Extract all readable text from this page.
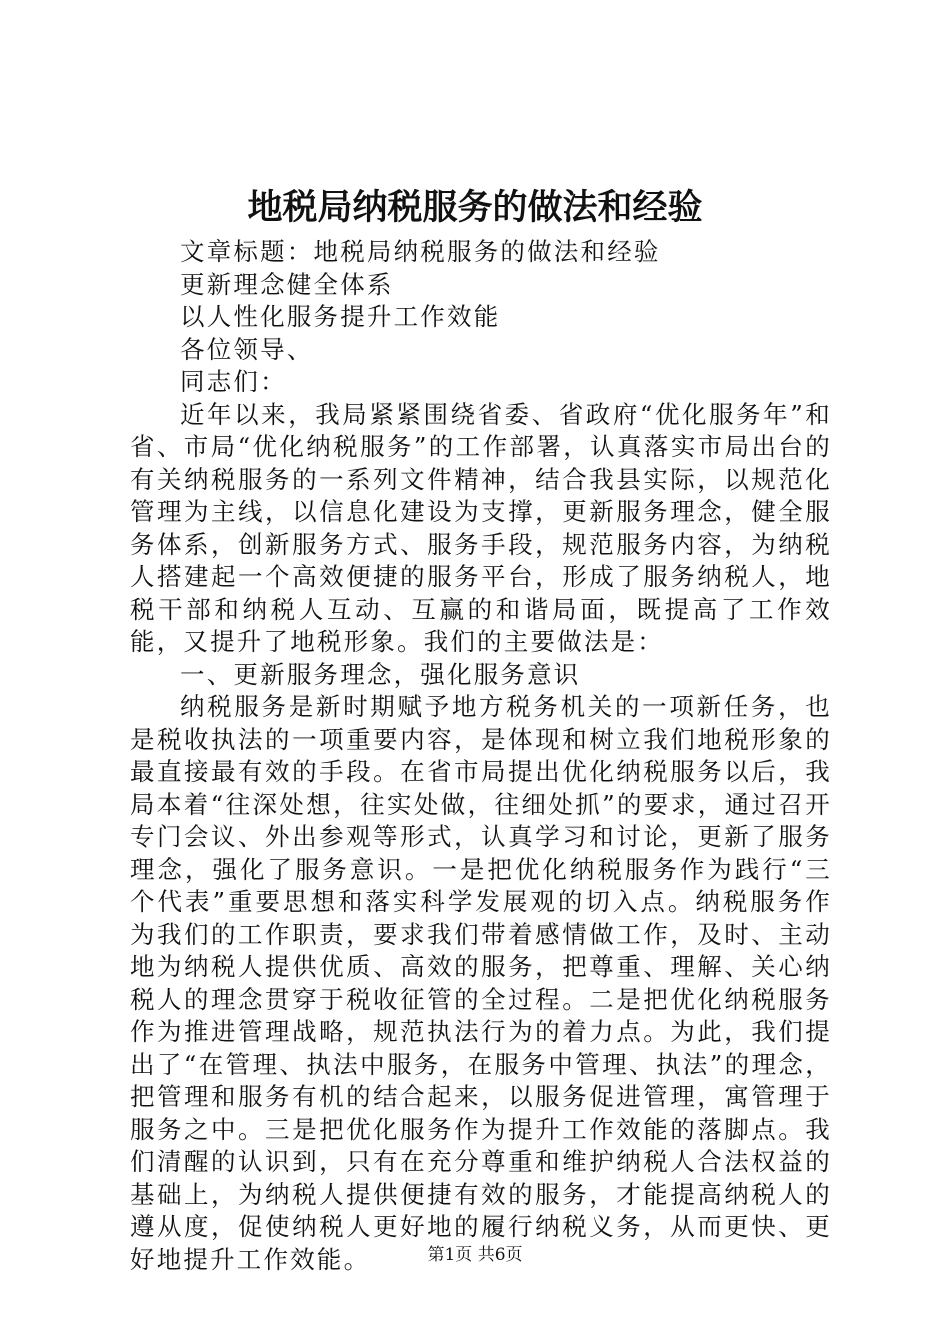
地税局纳税服务的做法和经验

文章标题：地税局纳税服务的做法和经验

更新理念健全体系

以人性化服务提升工作效能

各位领导、

同志们：

近年以来，我局紧紧围绕省委、省政府“优化服务年”和省、市局“优化纳税服务”的工作部署，认真落实市局出台的有关纳税服务的一系列文件精神，结合我县实际，以规范化管理为主线，以信息化建设为支撑，更新服务理念，健全服务体系，创新服务方式、服务手段，规范服务内容，为纳税人搭建起一个高效便捷的服务平台，形成了服务纳税人，地税干部和纳税人互动、互赢的和谐局面，既提高了工作效能，又提升了地税形象。我们的主要做法是：

一、更新服务理念，强化服务意识

纳税服务是新时期赋予地方税务机关的一项新任务，也是税收执法的一项重要内容，是体现和树立我们地税形象的最直接最有效的手段。在省市局提出优化纳税服务以后，我局本着“往深处想，往实处做，往细处抓”的要求，通过召开专门会议、外出参观等形式，认真学习和讨论，更新了服务理念，强化了服务意识。一是把优化纳税服务作为践行“三个代表”重要思想和落实科学发展观的切入点。纳税服务作为我们的工作职责，要求我们带着感情做工作，及时、主动地为纳税人提供优质、高效的服务，把尊重、理解、关心纳税人的理念贯穿于税收征管的全过程。二是把优化纳税服务作为推进管理战略，规范执法行为的着力点。为此，我们提出了“在管理、执法中服务，在服务中管理、执法”的理念，把管理和服务有机的结合起来，以服务促进管理，寓管理于服务之中。三是把优化服务作为提升工作效能的落脚点。我们清醒的认识到，只有在充分尊重和维护纳税人合法权益的基础上，为纳税人提供便捷有效的服务，才能提高纳税人的遵从度，促使纳税人更好地的履行纳税义务，从而更快、更好地提升工作效能。	第1页 共6页
